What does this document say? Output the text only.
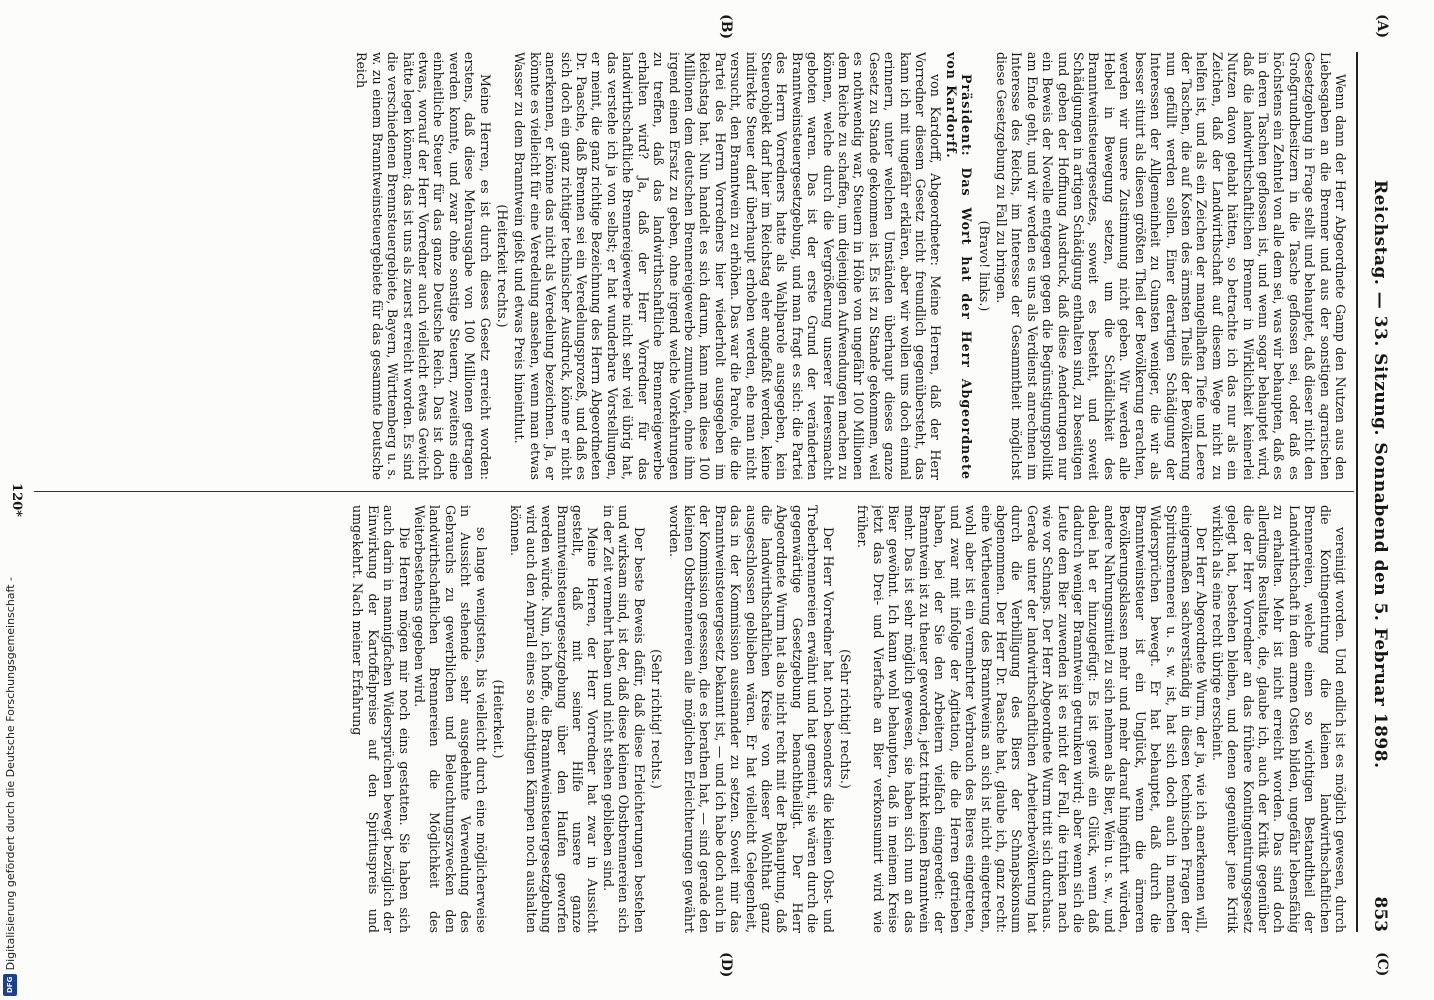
Reichstag. — 33. Sitzung. Sonnabend den 5. Februar 1898.
853
(A)
(B)
(C)
(D)

Wenn dann der Herr Abgeordnete Gamp den Nutzen aus den Liebesgaben an die Brenner und aus der sonstigen agrarischen Gesetzgebung in Frage stellt und behauptet, daß dieser nicht den Großgrundbesitzern in die Tasche geflossen sei, oder daß es höchstens ein Zehntel von alle dem sei, was wir behaupten, daß es in deren Taschen geflossen ist, und wenn sogar behauptet wird, daß die landwirthschaftlichen Brenner in Wirklichkeit keinerlei Nutzen davon gehabt hätten, so betrachte ich das nur als ein Zeichen, daß der Landwirthschaft auf diesem Wege nicht zu helfen ist, und als ein Zeichen der mangelhaften Tiefe und Leere der Taschen, die auf Kosten des ärmsten Theils der Bevölkerung nun gefüllt werden sollen. Einer derartigen Schädigung der Interessen der Allgemeinheit zu Gunsten weniger, die wir als besser situirt als diesen größten Theil der Bevölkerung erachten, werden wir unsere Zustimmung nicht geben. Wir werden alle Hebel in Bewegung setzen, um die Schädlichkeit des Branntweinsteuergesetzes, soweit es besteht, und soweit Schädigungen in artigen Schädigung enthalten sind, zu beseitigen und geben der Hoffnung Ausdruck, daß diese Aenderungen nur ein Beweis der Novelle entgegen gegen die Begünstigungspolitik am Ende geht, und wir werden es uns als Verdienst anrechnen im Interesse des Reichs, im Interesse der Gesammtheit möglichst diese Gesetzgebung zu Fall zu bringen.

(Bravo! links.)

Präsident: Das Wort hat der Herr Abgeordnete von Kardorff.

von Kardorff, Abgeordneter: Meine Herren, daß der Herr Vorredner diesem Gesetz nicht freundlich gegenübersteht, das kann ich mit ungefähr erklären, aber wir wollen uns doch einmal erinnern, unter welchen Umständen überhaupt dieses ganze Gesetz zu Stande gekommen ist. Es ist zu Stande gekommen, weil es nothwendig war, Steuern in Höhe von ungefähr 100 Millionen dem Reiche zu schaffen, um diejenigen Aufwendungen machen zu können, welche durch die Vergrößerung unserer Heeresmacht geboten waren. Das ist der erste Grund der veränderten Branntweinsteuergesetzgebung, und man fragt es sich: die Partei des Herrn Vorredners hatte als Wahlparole ausgegeben, kein Steuerobjekt darf hier im Reichstag eher angefaßt werden, keine indirekte Steuer darf überhaupt erhoben werden, ehe man nicht versucht, den Branntwein zu erhöhen. Das war die Parole, die die Partei des Herrn Vorredners hier wiederholt ausgegeben im Reichstag hat. Nun handelt es sich darum, kann man diese 100 Millionen dem deutschen Brennereigewerbe zumuthen, ohne ihm irgend einen Ersatz zu geben, ohne irgend welche Vorkehrungen zu treffen, daß das landwirthschaftliche Brennereigewerbe erhalten wird? Ja, daß der Herr Vorredner für das landwirthschaftliche Brennereigewerbe nicht sehr viel übrig hat, das verstehe ich ja von selbst; er hat wunderbare Vorstellungen, er meint, die ganz richtige Bezeichnung des Herrn Abgeordneten Dr. Paasche, daß Brennen sei ein Veredelungsprozeß, und daß es sich doch ein ganz richtiger technischer Ausdruck, könne er nicht anerkennen, er könne das nicht als Veredelung bezeichnen. Ja, er könnte es vielleicht für eine Veredelung ansehen, wenn man etwas Wasser zu dem Branntwein gießt und etwas Preis hineinthut.

(Heiterkeit rechts.)

Meine Herren, es ist durch dieses Gesetz erreicht worden: erstens, daß diese Mehrausgabe von 100 Millionen getragen werden konnte, und zwar ohne sonstige Steuern, zweitens eine einheitliche Steuer für das ganze Deutsche Reich. Das ist doch etwas, worauf der Herr Vorredner auch vielleicht etwas Gewicht hätte legen können; das ist uns als zuerst erreicht worden. Es sind die verschiedenen Brennsteuergebiete, Bayern, Württemberg u. s. w. zu einem Branntweinsteuergebiete für das gesammte Deutsche Reich

vereinigt worden. Und endlich ist es möglich gewesen, durch die Kontingentirung die kleinen landwirthschaftlichen Brennereien, welche einen so wichtigen Bestandtheil der Landwirthschaft in dem armen Osten bilden, ungefähr lebensfähig zu erhalten. Mehr ist nicht erreicht worden. Das sind doch allerdings Resultate, die, glaube ich, auch der Kritik gegenüber die der Herr Vorredner an das frühere Kontingentirungsgesetz gelegt hat, bestehen bleiben, und denen gegenüber jene Kritik wirklich als eine recht übrige erscheint.

Der Herr Abgeordnete Wurm, der ja, wie ich anerkennen will, einigermaßen sachverständig in diesen technischen Fragen der Spiritusbrennerei u. s. w. ist, hat sich doch auch in manchen Widersprüchen bewegt. Er hat behauptet, daß durch die Branntweinsteuer ist ein Unglück, wenn die ärmeren Bevölkerungsklassen mehr und mehr darauf hingeführt würden, andere Nahrungsmittel zu sich nehmen als Bier, Wein u. s. w., und dabei hat er hinzugefügt: Es ist gewiß ein Glück, wenn daß dadurch weniger Branntwein getrunken wird; aber wenn sich die Leute dem Bier zuwenden ist es nicht der Fall, die trinken nach wie vor Schnaps. Der Herr Abgeordnete Wurm tritt sich durchaus. Gerade unter der landwirthschaftlichen Arbeiterbevölkerung hat durch die Verbilligung des Biers der Schnapskonsum abgenommen. Der Herr Dr. Paasche hat, glaube ich, ganz recht: eine Vertheuerung des Branntweins an sich ist nicht eingetreten, wohl aber ist ein vermehrter Verbrauch des Bieres eingetreten, und zwar mit infolge der Agitation, die die Herren getrieben haben, bei der Sie den Arbeitern vielfach eingeredet: der Branntwein ist zu theuer geworden, jetzt trinkt keinen Branntwein mehr. Das ist sehr möglich gewesen, sie haben sich nun an das Bier gewöhnt. Ich kann wohl behaupten, daß in meinem Kreise jetzt das Drei- und Vierfache an Bier verkonsumirt wird wie früher.

(Sehr richtig! rechts.)

Der Herr Vorredner hat noch besonders die kleinen Obst- und Treberbrennereien erwähnt und hat gemeint, sie wären durch die gegenwärtige Gesetzgebung benachtheiligt. Der Herr Abgeordnete Wurm hat also nicht recht mit der Behauptung, daß die landwirthschaftlichen Kreise von dieser Wohlthat ganz ausgeschlossen geblieben wären. Er hat vielleicht Gelegenheit, das in der Kommission auseinander zu setzen. Soweit mir das Branntweinsteuergesetz bekannt ist, — und ich habe doch auch in der Kommission gesessen, die es berathen hat, — sind gerade den kleinen Obstbrennereien alle möglichen Erleichterungen gewährt worden.

(Sehr richtig! rechts.)

Der beste Beweis dafür, daß diese Erleichterungen bestehen und wirksam sind, ist der, daß diese kleinen Obstbrennereien sich in der Zeit vermehrt haben und nicht stehen geblieben sind.

Meine Herren, der Herr Vorredner hat zwar in Aussicht gestellt, daß mit seiner Hilfe unsere ganze Branntweinsteuergesetzgebung über den Haufen geworfen werden würde. Nun, ich hoffe, die Branntweinsteuergesetzgebung wird auch den Anprall eines so mächtigen Kämpen noch aushalten können.

(Heiterkeit.)

so lange wenigstens, bis vielleicht durch eine möglicherweise in Aussicht stehende sehr ausgedehnte Verwendung des Gebrauchs zu gewerblichen und Beleuchtungszwecken den landwirthschaftlichen Brennereien die Möglichkeit des Weiterbestehens gegeben wird.

Die Herren mögen mir noch eins gestatten. Sie haben sich auch darin in mannigfachen Widersprüchen bewegt bezüglich der Einwirkung der Kartoffelpreise auf den Spirituspreis und umgekehrt. Nach meiner Erfahrung

120*
Digitalisierung gefördert durch die Deutsche Forschungsgemeinschaft -
DFG
